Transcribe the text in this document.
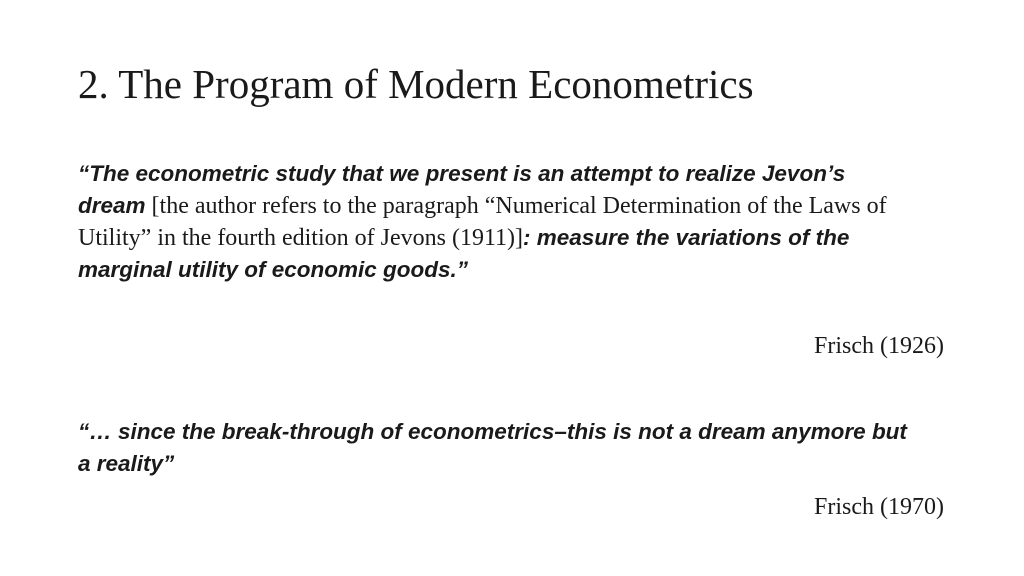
2. The Program of Modern Econometrics

“The econometric study that we present is an attempt to realize Jevon’s dream [the author refers to the paragraph “Numerical Determination of the Laws of Utility” in the fourth edition of Jevons (1911)]: measure the variations of the marginal utility of economic goods.”

Frisch (1926)

“… since the break-through of econometrics–this is not a dream anymore but a reality”

Frisch (1970)
